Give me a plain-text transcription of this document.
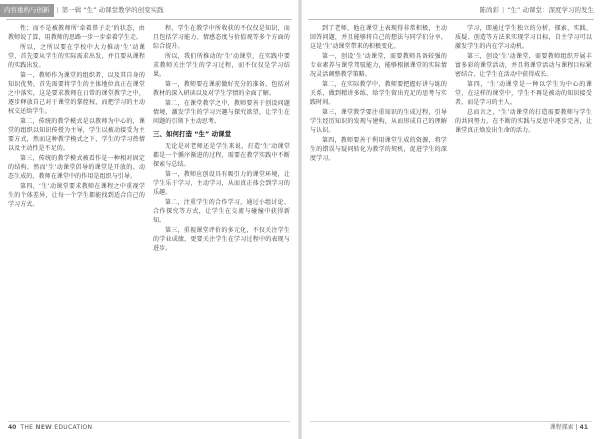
内容重构与创新 | 第一辑 “生” 动课堂教学的创变实践

性；而不是被教师所‘牵着鼻子走’的状态，由教师说了算，用教师的思路一步一步牵着学生走。

所以，之所以要在学校中大力推动‘生’动课堂，首先要从学生的实际需求出发，并且要从课程的实践出发。

第一，教师作为课堂的组织者，以及其自身的知识优势，首先需要将学生的主体地位真正在课堂之中落实，这是要求教师在日常的课堂教学之中，逐步释放自己对于课堂的掌控权，而把学习的主动权交还给学生。

第二，传统的教学模式是以教师为中心的，课堂的组织以知识传授为主导，学生以被动接受为主要方式，然而这种教学模式之下，学生的学习热情以及主动性是不足的。

第三，传统的教学模式被看作是一种相对固定的结构，然而‘生’动课堂倡导的课堂是开放的、动态生成的，教师在课堂中的作用是组织与引导。

第四，‘生’动课堂要求教师在课程之中重视学生的个体差异，让每一个学生都能找到适合自己的学习方式。

程，学生在教学中所收获的不仅仅是知识，而且包括学习能力、情感态度与价值观等多个方面的综合提升。

所以，我们所推动的‘生’动课堂，在实践中要求教师关注学生的学习过程，而不仅仅是学习结果。

第一，教师要在课前做好充分的准备，包括对教材的深入研读以及对学生学情的全面了解。

第二，在课堂教学之中，教师要善于创设问题情境，激发学生的学习兴趣与探究欲望，让学生在问题的引领下主动思考。

三、如何打造 “生” 动课堂

无论是对老师还是学生来说，打造‘生’动课堂都是一个循序渐进的过程，需要在教学实践中不断探索与总结。

第一，教师应创设具有吸引力的课堂环境，让学生乐于学习、主动学习，从而真正体会到学习的乐趣。

第二，注重学生的合作学习，通过小组讨论、合作探究等方式，让学生在交流与碰撞中获得新知。

第三，重视课堂评价的多元化，不仅关注学生的学业成绩，更要关注学生在学习过程中的表现与进步。

40 THE NEW EDUCATION
陈尚彩 | “生” 动课堂：深度学习的发生

到了老师，他在课堂上表现得非常积极，主动回答问题，并且能够将自己的想法与同学们分享，这是‘生’动课堂带来的积极变化。

第一，创设‘生’动课堂，需要教师具备较强的专业素养与课堂驾驭能力，能够根据课堂的实际情况灵活调整教学策略。

第二，在实际教学中，教师要把握好讲与练的关系，做到精讲多练，给学生留出充足的思考与实践时间。

第三，课堂教学要注重知识的生成过程，引导学生经历知识的发现与建构，从而形成自己的理解与认识。

第四，教师要善于利用课堂生成的资源，将学生的错误与疑问转化为教学的契机，促进学生的深度学习。

学习，即通过学生独立的分析、探索、实践、质疑、创造等方法来实现学习目标，自主学习可以激发学生的内在学习动机。

第三，创设‘生’动课堂，需要教师组织开展丰富多彩的课堂活动，并且将课堂活动与课程目标紧密结合，让学生在活动中获得成长。

第四，‘生’动课堂是一种以学生为中心的课堂，在这样的课堂中，学生不再是被动的知识接受者，而是学习的主人。

总而言之，‘生’动课堂的打造需要教师与学生的共同努力，在不断的实践与反思中逐步完善，让课堂真正焕发出生命的活力。

课程探索 | 41
